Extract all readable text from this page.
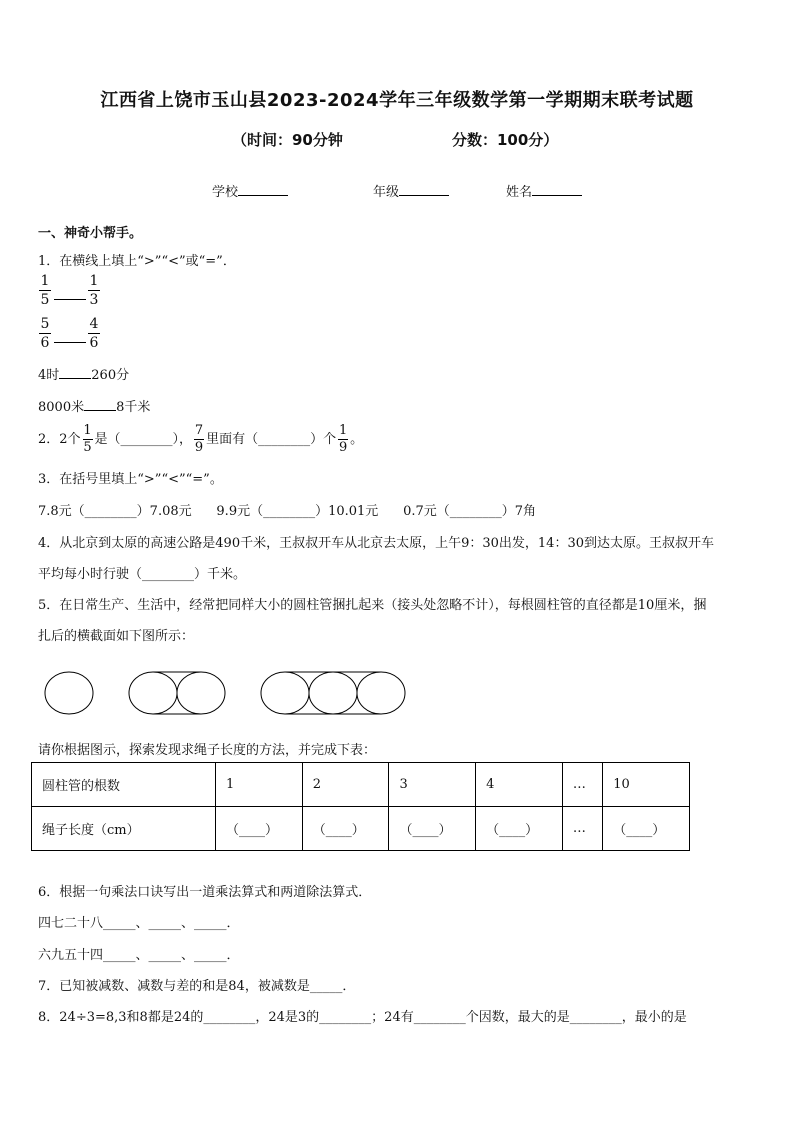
江西省上饶市玉山县2023-2024学年三年级数学第一学期期末联考试题
（时间：90分钟	分数：100分）
学校	年级	姓名
一、神奇小帮手。
1．在横线上填上“>”“<”或“=”．
1
5
1
3
5
6
4
6
4时 260分
8000米 8千米
2．2个 $\frac{1}{5}$ 是（________）， $\frac{7}{9}$ 里面有（________）个 $\frac{1}{9}$ 。
3．在括号里填上“>”“<”“=”。
7.8元（________）7.08元      9.9元（________）10.01元      0.7元（________）7角
4．从北京到太原的高速公路是490千米，王叔叔开车从北京去太原，上午9：30出发，14：30到达太原。王叔叔开车
平均每小时行驶（________）千米。
5．在日常生产、生活中，经常把同样大小的圆柱管捆扎起来（接头处忽略不计），每根圆柱管的直径都是10厘米，捆
扎后的横截面如下图所示：
请你根据图示，探索发现求绳子长度的方法，并完成下表：
圆柱管的根数	1	2	3	4	…	10
绳子长度（cm）	（____）	（____）	（____）	（____）	…	（____）
6．根据一句乘法口诀写出一道乘法算式和两道除法算式．
四七二十八_____、_____、_____．
六九五十四_____、_____、_____．
7．已知被减数、减数与差的和是84，被减数是_____．
8．24÷3=8,3和8都是24的________，24是3的________；24有________个因数，最大的是________，最小的是
